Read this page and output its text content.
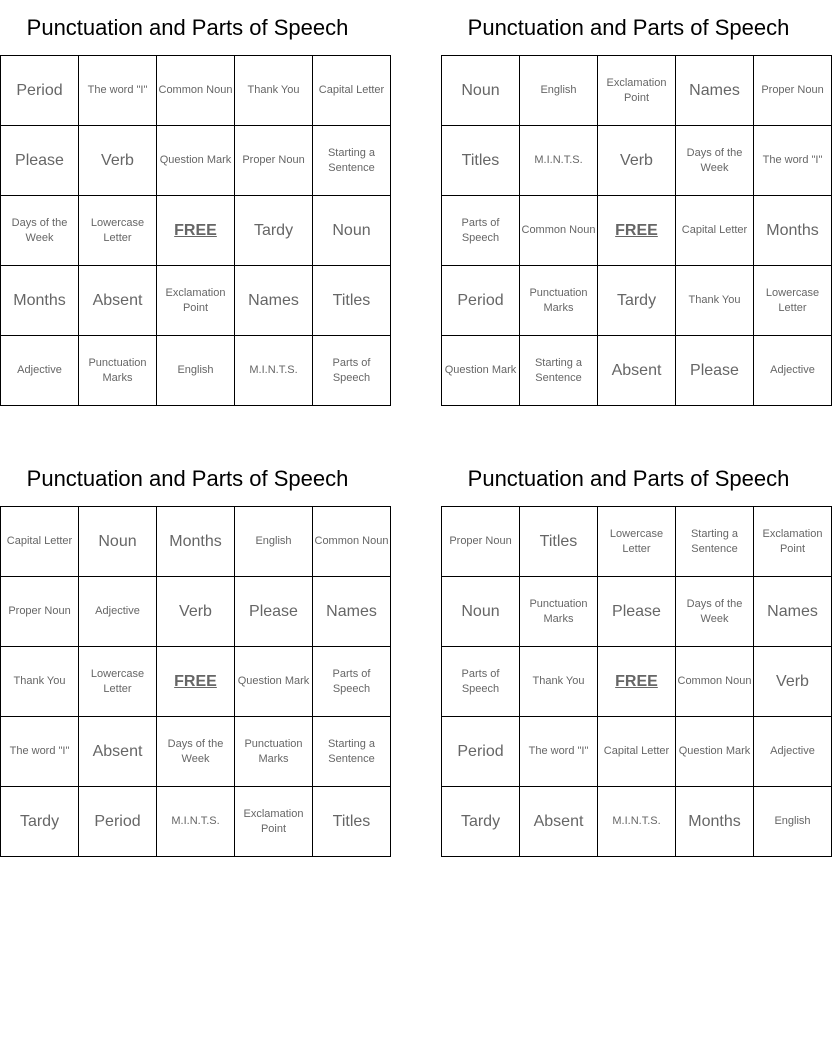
Punctuation and Parts of Speech
Period	The word "I"	Common Noun	Thank You	Capital Letter
Please	Verb	Question Mark	Proper Noun	Starting a Sentence
Days of the Week	Lowercase Letter	FREE	Tardy	Noun
Months	Absent	Exclamation Point	Names	Titles
Adjective	Punctuation Marks	English	M.I.N.T.S.	Parts of Speech
Punctuation and Parts of Speech
Noun	English	Exclamation Point	Names	Proper Noun
Titles	M.I.N.T.S.	Verb	Days of the Week	The word "I"
Parts of Speech	Common Noun	FREE	Capital Letter	Months
Period	Punctuation Marks	Tardy	Thank You	Lowercase Letter
Question Mark	Starting a Sentence	Absent	Please	Adjective
Punctuation and Parts of Speech
Capital Letter	Noun	Months	English	Common Noun
Proper Noun	Adjective	Verb	Please	Names
Thank You	Lowercase Letter	FREE	Question Mark	Parts of Speech
The word "I"	Absent	Days of the Week	Punctuation Marks	Starting a Sentence
Tardy	Period	M.I.N.T.S.	Exclamation Point	Titles
Punctuation and Parts of Speech
Proper Noun	Titles	Lowercase Letter	Starting a Sentence	Exclamation Point
Noun	Punctuation Marks	Please	Days of the Week	Names
Parts of Speech	Thank You	FREE	Common Noun	Verb
Period	The word "I"	Capital Letter	Question Mark	Adjective
Tardy	Absent	M.I.N.T.S.	Months	English
